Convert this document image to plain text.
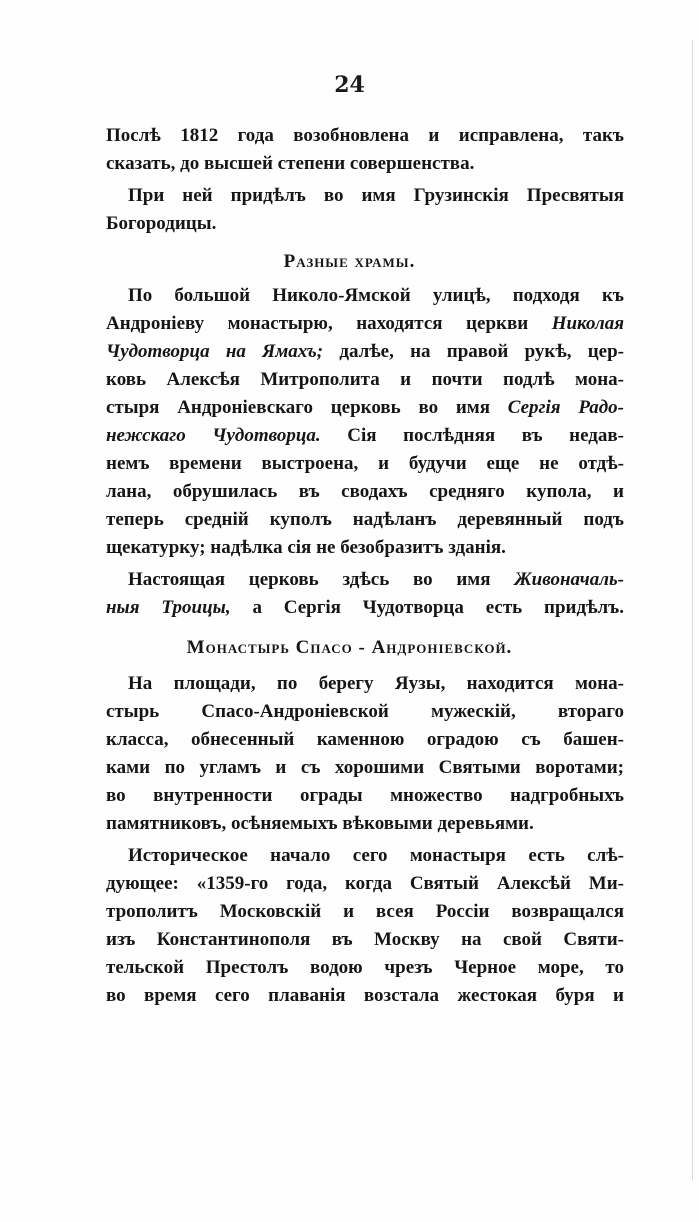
24
Послѣ 1812 года возобновлена и исправлена, такъ
сказать, до высшей степени совершенства.
При ней придѣлъ во имя Грузинскія Пресвятыя
Богородицы.
Разные храмы.
По большой Николо-Ямской улицѣ, подходя къ
Андроніеву монастырю, находятся церкви Николая
Чудотворца на Ямахъ; далѣе, на правой рукѣ, цер-
ковь Алексѣя Митрополита и почти подлѣ мона-
стыря Андроніевскаго церковь во имя Сергія Радо-
нежскаго Чудотворца. Сія послѣдняя въ недав-
немъ времени выстроена, и будучи еще не отдѣ-
лана, обрушилась въ сводахъ средняго купола, и
теперь средній куполъ надѣланъ деревянный подъ
щекатурку; надѣлка сія не безобразитъ зданія.
Настоящая церковь здѣсь во имя Живоначаль-
ныя Троицы, а Сергія Чудотворца есть придѣлъ.
Монастырь Спасо - Андроніевской.
На площади, по берегу Яузы, находится мона-
стырь Спасо-Андроніевской мужескій, втораго
класса, обнесенный каменною оградою съ башен-
ками по угламъ и съ хорошими Святыми воротами;
во внутренности ограды множество надгробныхъ
памятниковъ, осѣняемыхъ вѣковыми деревьями.
Историческое начало сего монастыря есть слѣ-
дующее: «1359-го года, когда Святый Алексѣй Ми-
трополитъ Московскій и всея Россіи возвращался
изъ Константинополя въ Москву на свой Святи-
тельской Престолъ водою чрезъ Черное море, то
во время сего плаванія возстала жестокая буря и
